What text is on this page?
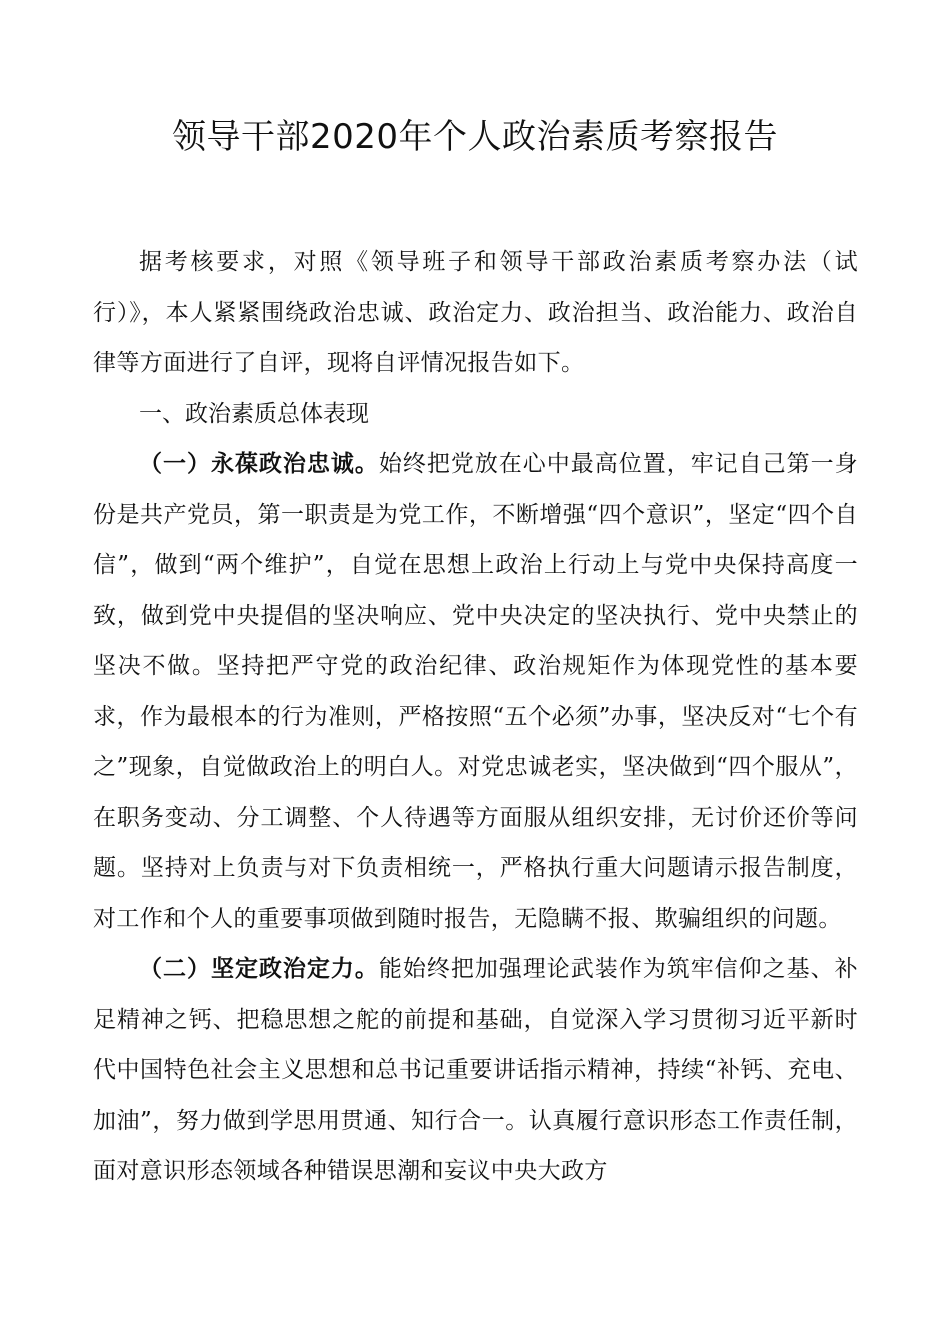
领导干部2020年个人政治素质考察报告

据考核要求，对照《领导班子和领导干部政治素质考察办法（试行）》，本人紧紧围绕政治忠诚、政治定力、政治担当、政治能力、政治自律等方面进行了自评，现将自评情况报告如下。

一、政治素质总体表现

（一）永葆政治忠诚。始终把党放在心中最高位置，牢记自己第一身份是共产党员，第一职责是为党工作，不断增强“四个意识”，坚定“四个自信”，做到“两个维护”，自觉在思想上政治上行动上与党中央保持高度一致，做到党中央提倡的坚决响应、党中央决定的坚决执行、党中央禁止的坚决不做。坚持把严守党的政治纪律、政治规矩作为体现党性的基本要求，作为最根本的行为准则，严格按照“五个必须”办事，坚决反对“七个有之”现象，自觉做政治上的明白人。对党忠诚老实，坚决做到“四个服从”，在职务变动、分工调整、个人待遇等方面服从组织安排，无讨价还价等问题。坚持对上负责与对下负责相统一，严格执行重大问题请示报告制度，对工作和个人的重要事项做到随时报告，无隐瞒不报、欺骗组织的问题。

（二）坚定政治定力。能始终把加强理论武装作为筑牢信仰之基、补足精神之钙、把稳思想之舵的前提和基础，自觉深入学习贯彻习近平新时代中国特色社会主义思想和总书记重要讲话指示精神，持续“补钙、充电、加油”，努力做到学思用贯通、知行合一。认真履行意识形态工作责任制，面对意识形态领域各种错误思潮和妄议中央大政方
